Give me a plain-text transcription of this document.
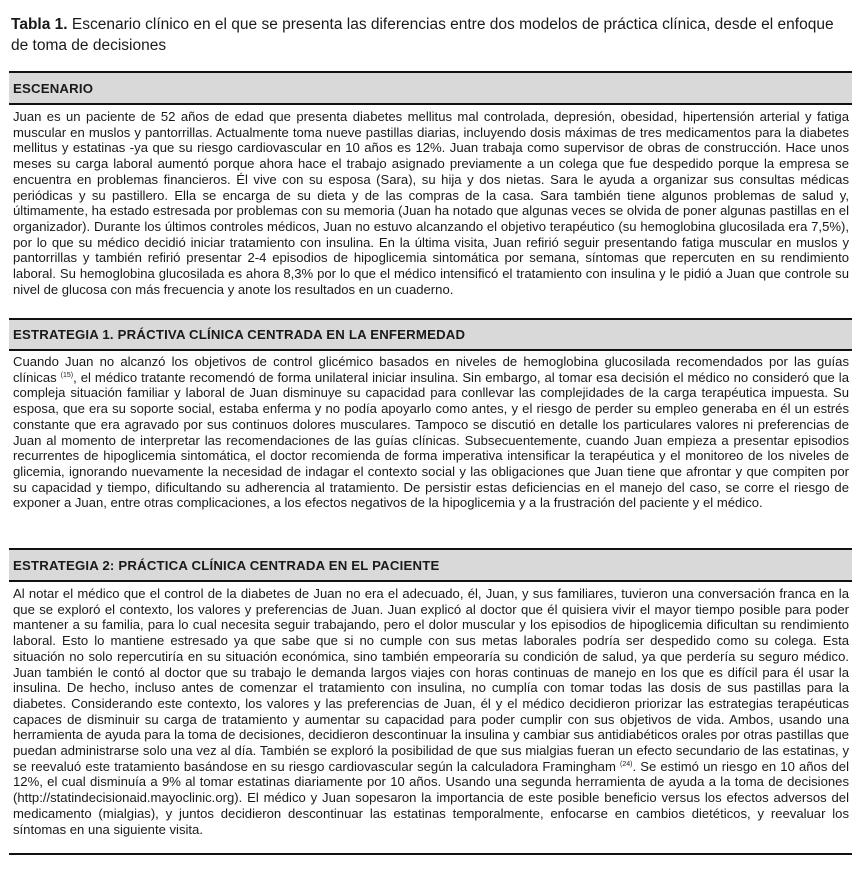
Tabla 1. Escenario clínico en el que se presenta las diferencias entre dos modelos de práctica clínica, desde el enfoque de toma de decisiones
ESCENARIO
Juan es un paciente de 52 años de edad que presenta diabetes mellitus mal controlada, depresión, obesidad, hipertensión arterial y fatiga muscular en muslos y pantorrillas. Actualmente toma nueve pastillas diarias, incluyendo dosis máximas de tres medicamentos para la diabetes mellitus y estatinas -ya que su riesgo cardiovascular en 10 años es 12%. Juan trabaja como supervisor de obras de construcción. Hace unos meses su carga laboral aumentó porque ahora hace el trabajo asignado previamente a un colega que fue despedido porque la empresa se encuentra en problemas financieros. Él vive con su esposa (Sara), su hija y dos nietas. Sara le ayuda a organizar sus consultas médicas periódicas y su pastillero. Ella se encarga de su dieta y de las compras de la casa. Sara también tiene algunos problemas de salud y, últimamente, ha estado estresada por problemas con su memoria (Juan ha notado que algunas veces se olvida de poner algunas pastillas en el organizador). Durante los últimos controles médicos, Juan no estuvo alcanzando el objetivo terapéutico (su hemoglobina glucosilada era 7,5%), por lo que su médico decidió iniciar tratamiento con insulina. En la última visita, Juan refirió seguir presentando fatiga muscular en muslos y pantorrillas y también refirió presentar 2-4 episodios de hipoglicemia sintomática por semana, síntomas que repercuten en su rendimiento laboral. Su hemoglobina glucosilada es ahora 8,3% por lo que el médico intensificó el tratamiento con insulina y le pidió a Juan que controle su nivel de glucosa con más frecuencia y anote los resultados en un cuaderno.
ESTRATEGIA 1. PRÁCTIVA CLÍNICA CENTRADA EN LA ENFERMEDAD
Cuando Juan no alcanzó los objetivos de control glicémico basados en niveles de hemoglobina glucosilada recomendados por las guías clínicas $^{(15)}$, el médico tratante recomendó de forma unilateral iniciar insulina. Sin embargo, al tomar esa decisión el médico no consideró que la compleja situación familiar y laboral de Juan disminuye su capacidad para conllevar las complejidades de la carga terapéutica impuesta. Su esposa, que era su soporte social, estaba enferma y no podía apoyarlo como antes, y el riesgo de perder su empleo generaba en él un estrés constante que era agravado por sus continuos dolores musculares. Tampoco se discutió en detalle los particulares valores ni preferencias de Juan al momento de interpretar las recomendaciones de las guías clínicas. Subsecuentemente, cuando Juan empieza a presentar episodios recurrentes de hipoglicemia sintomática, el doctor recomienda de forma imperativa intensificar la terapéutica y el monitoreo de los niveles de glicemia, ignorando nuevamente la necesidad de indagar el contexto social y las obligaciones que Juan tiene que afrontar y que compiten por su capacidad y tiempo, dificultando su adherencia al tratamiento. De persistir estas deficiencias en el manejo del caso, se corre el riesgo de exponer a Juan, entre otras complicaciones, a los efectos negativos de la hipoglicemia y a la frustración del paciente y el médico.
ESTRATEGIA 2: PRÁCTICA CLÍNICA CENTRADA EN EL PACIENTE
Al notar el médico que el control de la diabetes de Juan no era el adecuado, él, Juan, y sus familiares, tuvieron una conversación franca en la que se exploró el contexto, los valores y preferencias de Juan. Juan explicó al doctor que él quisiera vivir el mayor tiempo posible para poder mantener a su familia, para lo cual necesita seguir trabajando, pero el dolor muscular y los episodios de hipoglicemia dificultan su rendimiento laboral. Esto lo mantiene estresado ya que sabe que si no cumple con sus metas laborales podría ser despedido como su colega. Esta situación no solo repercutiría en su situación económica, sino también empeoraría su condición de salud, ya que perdería su seguro médico. Juan también le contó al doctor que su trabajo le demanda largos viajes con horas continuas de manejo en los que es difícil para él usar la insulina. De hecho, incluso antes de comenzar el tratamiento con insulina, no cumplía con tomar todas las dosis de sus pastillas para la diabetes. Considerando este contexto, los valores y las preferencias de Juan, él y el médico decidieron priorizar las estrategias terapéuticas capaces de disminuir su carga de tratamiento y aumentar su capacidad para poder cumplir con sus objetivos de vida. Ambos, usando una herramienta de ayuda para la toma de decisiones, decidieron descontinuar la insulina y cambiar sus antidiabéticos orales por otras pastillas que puedan administrarse solo una vez al día. También se exploró la posibilidad de que sus mialgias fueran un efecto secundario de las estatinas, y se reevaluó este tratamiento basándose en su riesgo cardiovascular según la calculadora Framingham $^{(24)}$. Se estimó un riesgo en 10 años del 12%, el cual disminuía a 9% al tomar estatinas diariamente por 10 años. Usando una segunda herramienta de ayuda a la toma de decisiones (http://statindecisionaid.mayoclinic.org). El médico y Juan sopesaron la importancia de este posible beneficio versus los efectos adversos del medicamento (mialgias), y juntos decidieron descontinuar las estatinas temporalmente, enfocarse en cambios dietéticos, y reevaluar los síntomas en una siguiente visita.
